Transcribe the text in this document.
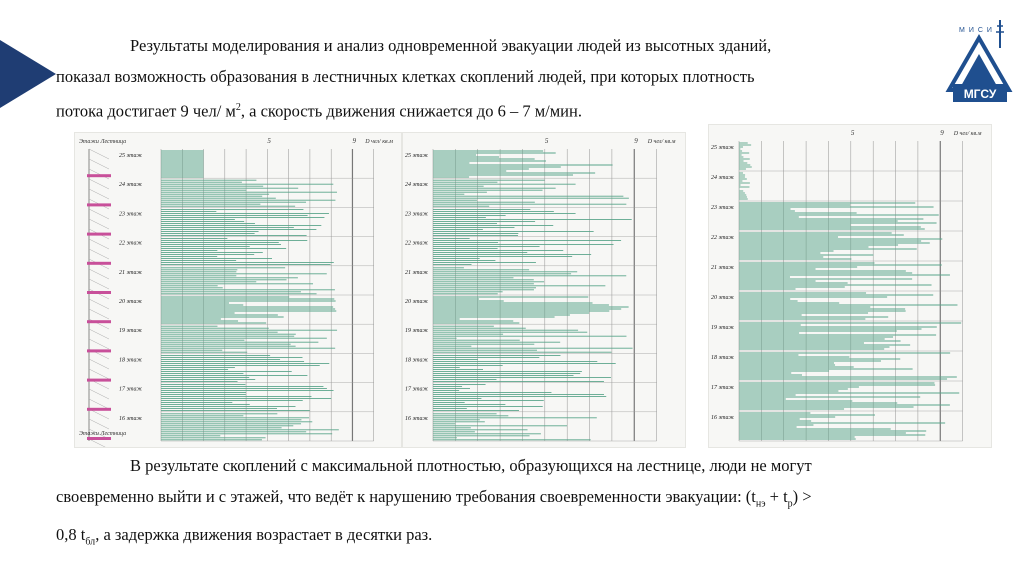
Результаты моделирования и анализ одновременной эвакуации людей из высотных зданий,

показал возможность образования в лестничных клетках скоплений людей, при которых плотность

потока достигает 9 чел/ $м^2$, а скорость движения снижается до 6 – 7 м/мин.

МИСИ
МГСУ
Этажи Лестница	5	9 D чел/ кв.м
25 этаж
24 этаж
23 этаж
22 этаж
21 этаж
20 этаж
19 этаж
18 этаж
17 этаж
16 этаж
Этажи Лестница
5	9 D чел/ кв.м
25 этаж
24 этаж
23 этаж
22 этаж
21 этаж
20 этаж
19 этаж
18 этаж
17 этаж
16 этаж
5	9 D чел/ кв.м
25 этаж
24 этаж
23 этаж
22 этаж
21 этаж
20 этаж
19 этаж
18 этаж
17 этаж
16 этаж

В результате скоплений с максимальной плотностью, образующихся на лестнице, люди не могут

своевременно выйти и с этажей, что ведёт к нарушению требования своевременности эвакуации: $(t_{нэ} + t_р)$ >

0,8 $t_{бл}$, а задержка движения возрастает в десятки раз.
